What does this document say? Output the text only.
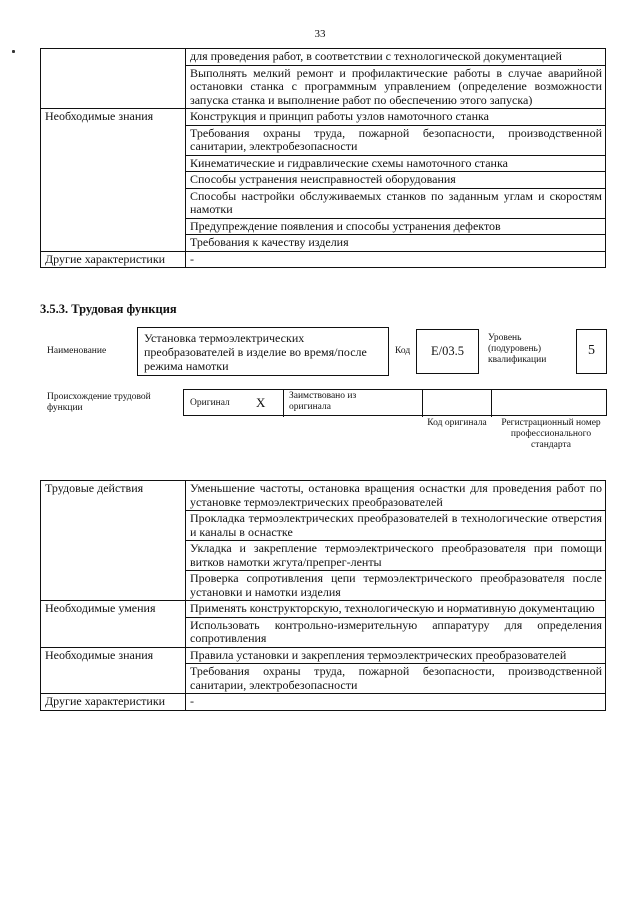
33
	для проведения работ, в соответствии с технологической документацией
	Выполнять мелкий ремонт и профилактические работы в случае аварийной остановки станка с программным управлением (определение возможности запуска станка и выполнение работ по обеспечению этого запуска)
Необходимые знания	Конструкция и принцип работы узлов намоточного станка
	Требования охраны труда, пожарной безопасности, производственной санитарии, электробезопасности
	Кинематические и гидравлические схемы намоточного станка
	Способы устранения неисправностей оборудования
	Способы настройки обслуживаемых станков по заданным углам и скоростям намотки
	Предупреждение появления и способы устранения дефектов
	Требования к качеству изделия
Другие характеристики	-
3.5.3. Трудовая функция
Наименование
Установка термоэлектрических преобразователей в изделие во время/после режима намотки
Код	E/03.5
Уровень (подуровень) квалификации
5
Происхождение трудовой функции	Оригинал X Заимствовано из оригинала
Код оригинала	Регистрационный номер профессионального стандарта
Трудовые действия	Уменьшение частоты, остановка вращения оснастки для проведения работ по установке термоэлектрических преобразователей
	Прокладка термоэлектрических преобразователей в технологические отверстия и каналы в оснастке
	Укладка и закрепление термоэлектрического преобразователя при помощи витков намотки жгута/препрег-ленты
	Проверка сопротивления цепи термоэлектрического преобразователя после установки и намотки изделия
Необходимые умения	Применять конструкторскую, технологическую и нормативную документацию
	Использовать контрольно-измерительную аппаратуру для определения сопротивления
Необходимые знания	Правила установки и закрепления термоэлектрических преобразователей
	Требования охраны труда, пожарной безопасности, производственной санитарии, электробезопасности
Другие характеристики	-
